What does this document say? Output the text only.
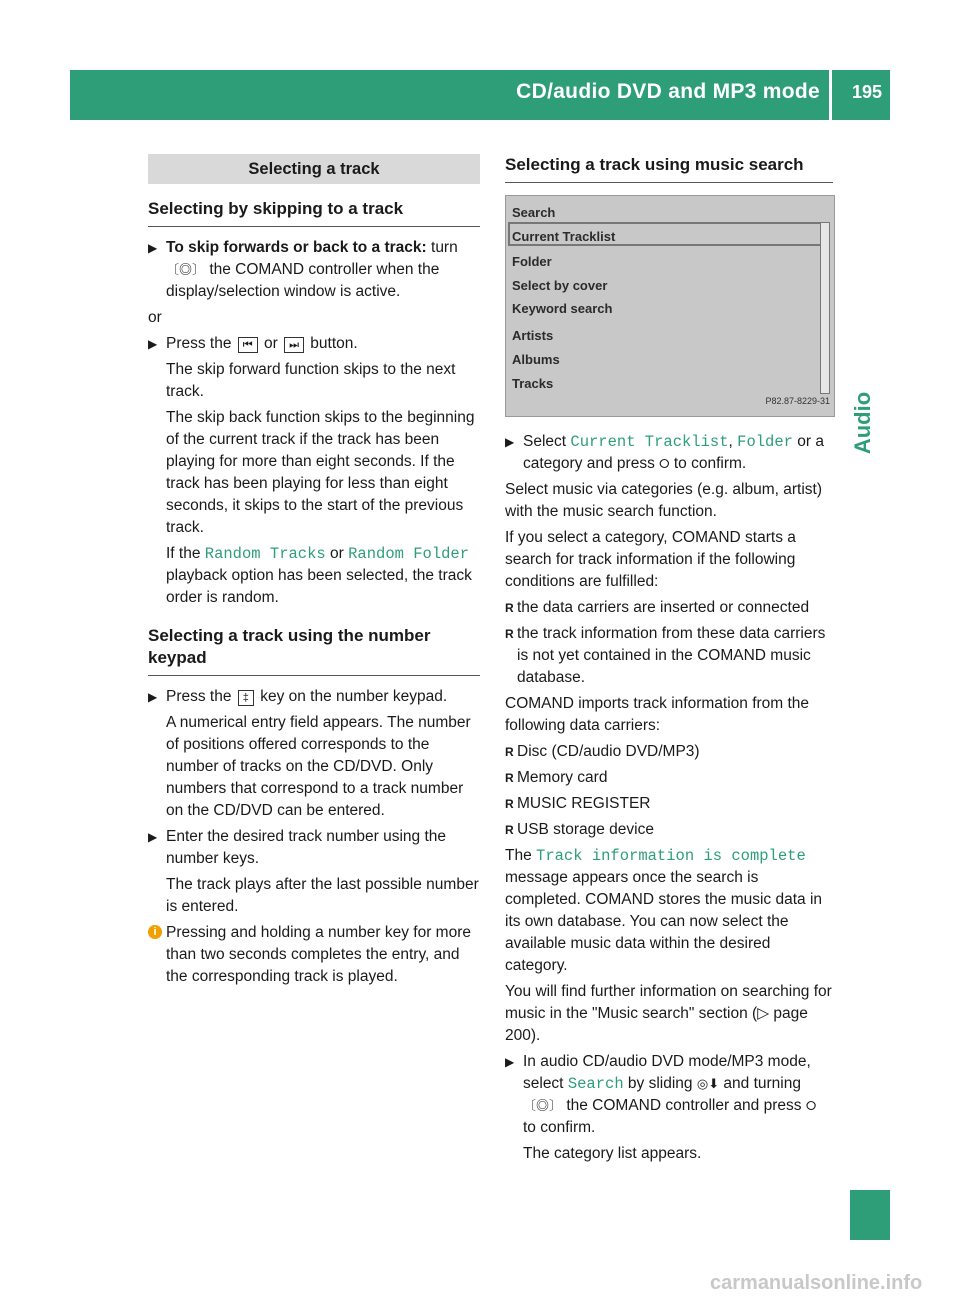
CD/audio DVD and MP3 mode 195
Audio
Selecting a track
Selecting by skipping to a track

▶ To skip forwards or back to a track: turn 〔◎〕 the COMAND controller when the display/selection window is active.

or

▶ Press the ⏮ or ⏭ button.

The skip forward function skips to the next track.

The skip back function skips to the beginning of the current track if the track has been playing for more than eight seconds. If the track has been playing for less than eight seconds, it skips to the start of the previous track.

If the Random Tracks or Random Folder playback option has been selected, the track order is random.

Selecting a track using the number keypad

▶ Press the ‡ key on the number keypad.

A numerical entry field appears. The number of positions offered corresponds to the number of tracks on the CD/DVD. Only numbers that correspond to a track number on the CD/DVD can be entered.

▶ Enter the desired track number using the number keys.

The track plays after the last possible number is entered.

i Pressing and holding a number key for more than two seconds completes the entry, and the corresponding track is played.

Selecting a track using music search
Search
Current Tracklist
Folder
Select by cover
Keyword search
Artists
Albums
Tracks
P82.87-8229-31

▶ Select Current Tracklist, Folder or a category and press ⭘ to confirm.

Select music via categories (e.g. album, artist) with the music search function.

If you select a category, COMAND starts a search for track information if the following conditions are fulfilled:

R the data carriers are inserted or connected

R the track information from these data carriers is not yet contained in the COMAND music database.

COMAND imports track information from the following data carriers:

R Disc (CD/audio DVD/MP3)

R Memory card

R MUSIC REGISTER

R USB storage device

The Track information is complete message appears once the search is completed. COMAND stores the music data in its own database. You can now select the available music data within the desired category.

You will find further information on searching for music in the "Music search" section (▷ page 200).

▶ In audio CD/audio DVD mode/MP3 mode, select Search by sliding ◎⬇ and turning 〔◎〕 the COMAND controller and press ⭘ to confirm.

The category list appears.

carmanualsonline.info
